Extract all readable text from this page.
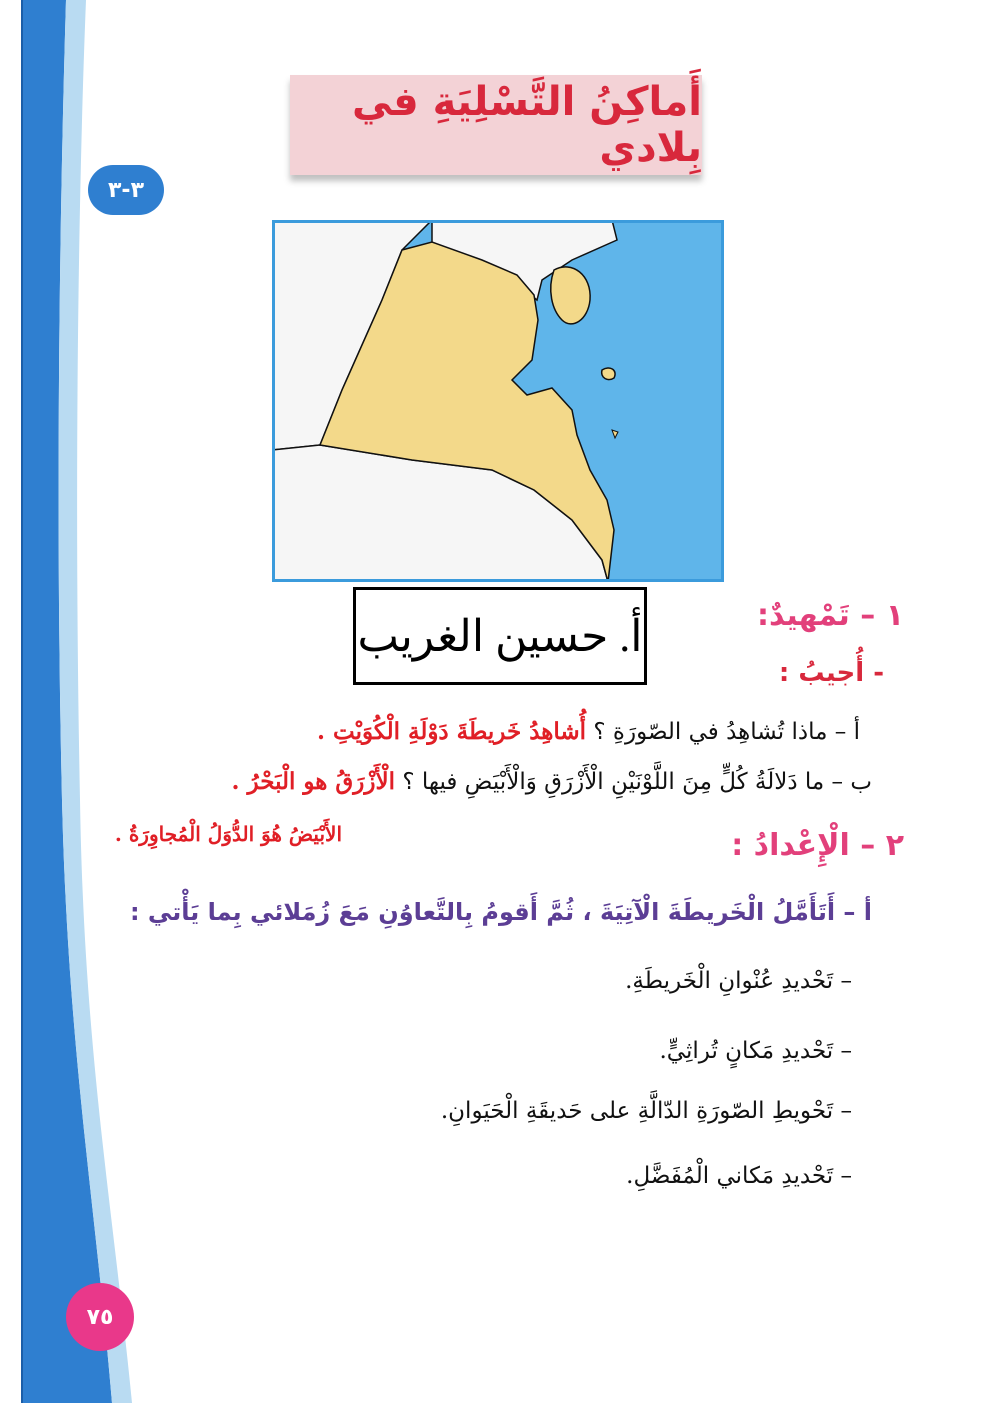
أَماكِنُ التَّسْلِيَةِ في بِلادي
٣-٣
أ. حسين الغريب	١ – تَمْهيدٌ:
- أُجيبُ :
أ – ماذا تُشاهِدُ في الصّورَةِ ؟ أُشاهِدُ خَريطَةَ دَوْلَةِ الْكُوَيْتِ .
ب – ما دَلالَةُ كُلٍّ مِنَ اللَّوْنَيْنِ الْأَزْرَقِ وَالْأَبْيَضِ فيها ؟ الْأَزْرَقُ هو الْبَحْرُ .
الأَبْيَضُ هُوَ الدُّوَلُ الْمُجاوِرَةُ .	٢ – الْإِعْدادُ :
أ – أَتَأَمَّلُ الْخَريطَةَ الْآتِيَةَ ، ثُمَّ أَقومُ بِالتَّعاوُنِ مَعَ زُمَلائي بِما يَأْتي :
– تَحْديدِ عُنْوانِ الْخَريطَةِ.
– تَحْديدِ مَكانٍ تُراثِيٍّ.
– تَحْويطِ الصّورَةِ الدّالَّةِ على حَديقَةِ الْحَيَوانِ.
– تَحْديدِ مَكاني الْمُفَضَّلِ.
٧٥
